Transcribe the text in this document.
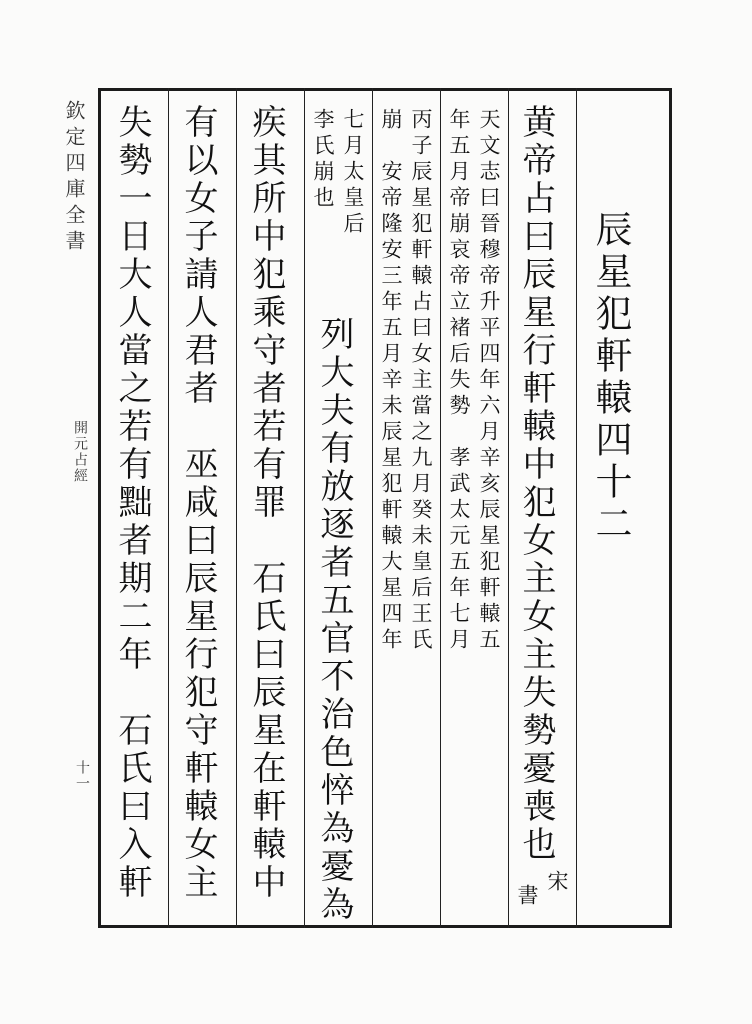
欽定四庫全書
開元占經
十一
辰星犯軒轅四十二
宋
書
黄帝占曰辰星行軒轅中犯女主女主失勢憂喪也
天文志曰晉穆帝升平四年六月辛亥辰星犯軒轅五
年五月帝崩哀帝立褚后失勢　孝武太元五年七月
丙子辰星犯軒轅占曰女主當之九月癸未皇后王氏
崩　安帝隆安三年五月辛未辰星犯軒轅大星四年
七月太皇后
李氏崩也
列大夫有放逐者五官不治色悴為憂為
疾其所中犯乘守者若有罪　石氏曰辰星在軒轅中
有以女子請人君者　巫咸曰辰星行犯守軒轅女主
失勢一日大人當之若有黜者期二年　石氏曰入軒
